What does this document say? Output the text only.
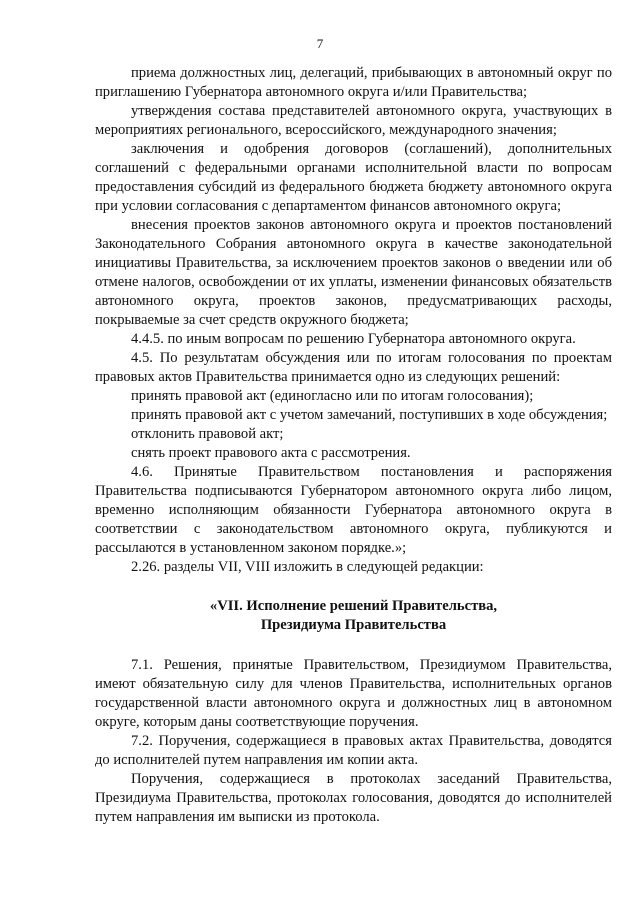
7

приема должностных лиц, делегаций, прибывающих в автономный округ по приглашению Губернатора автономного округа и/или Правительства;

утверждения состава представителей автономного округа, участвующих в мероприятиях регионального, всероссийского, международного значения;

заключения и одобрения договоров (соглашений), дополнительных соглашений с федеральными органами исполнительной власти по вопросам предоставления субсидий из федерального бюджета бюджету автономного округа при условии согласования с департаментом финансов автономного округа;

внесения проектов законов автономного округа и проектов постановлений Законодательного Собрания автономного округа в качестве законодательной инициативы Правительства, за исключением проектов законов о введении или об отмене налогов, освобождении от их уплаты, изменении финансовых обязательств автономного округа, проектов законов, предусматривающих расходы, покрываемые за счет средств окружного бюджета;

4.4.5. по иным вопросам по решению Губернатора автономного округа.

4.5. По результатам обсуждения или по итогам голосования по проектам правовых актов Правительства принимается одно из следующих решений:

принять правовой акт (единогласно или по итогам голосования);

принять правовой акт с учетом замечаний, поступивших в ходе обсуждения;

отклонить правовой акт;

снять проект правового акта с рассмотрения.

4.6. Принятые Правительством постановления и распоряжения Правительства подписываются Губернатором автономного округа либо лицом, временно исполняющим обязанности Губернатора автономного округа в соответствии с законодательством автономного округа, публикуются и рассылаются в установленном законом порядке.»;

2.26. разделы VII, VIII изложить в следующей редакции:

«VII. Исполнение решений Правительства,
Президиума Правительства

7.1. Решения, принятые Правительством, Президиумом Правительства, имеют обязательную силу для членов Правительства, исполнительных органов государственной власти автономного округа и должностных лиц в автономном округе, которым даны соответствующие поручения.

7.2. Поручения, содержащиеся в правовых актах Правительства, доводятся до исполнителей путем направления им копии акта.

Поручения, содержащиеся в протоколах заседаний Правительства, Президиума Правительства, протоколах голосования, доводятся до исполнителей путем направления им выписки из протокола.
